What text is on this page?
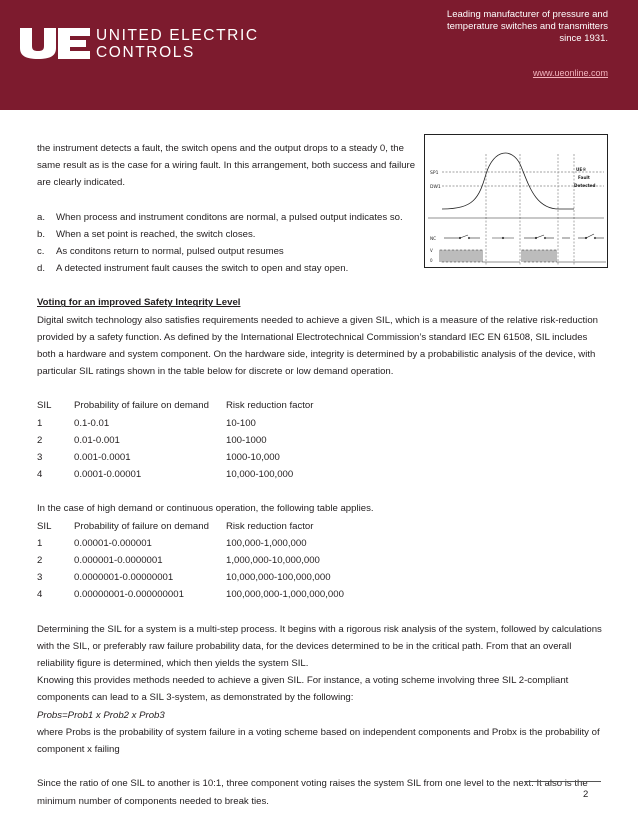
UNITED ELECTRIC
CONTROLS
Leading manufacturer of pressure and temperature switches and transmitters since 1931.
www.ueonline.com
SP1
DW1
UE®
Fault
Detected
NC
V
0

the instrument detects a fault, the switch opens and the output drops to a steady 0, the same result as is the case for a wiring fault. In this arrangement, both success and failure are clearly indicated.

a.	When process and instrument conditons are normal, a pulsed output indicates so.
b.	When a set point is reached, the switch closes.
c.	As conditons return to normal, pulsed output resumes
d.	A detected instrument fault causes the switch to open and stay open.

Voting for an improved Safety Integrity Level

Digital switch technology also satisfies requirements needed to achieve a given SIL, which is a measure of the relative risk-reduction provided by a safety function. As defined by the International Electrotechnical Commission’s standard IEC EN 61508, SIL includes both a hardware and system component. On the hardware side, integrity is determined by a probabilistic analysis of the device, with particular SIL ratings shown in the table below for discrete or low demand operation.

SIL	Probability of failure on demand	Risk reduction factor
1	0.1-0.01	10-100
2	0.01-0.001	100-1000
3	0.001-0.0001	1000-10,000
4	0.0001-0.00001	10,000-100,000

In the case of high demand or continuous operation, the following table applies.

SIL	Probability of failure on demand	Risk reduction factor
1	0.00001-0.000001	100,000-1,000,000
2	0.000001-0.0000001	1,000,000-10,000,000
3	0.0000001-0.00000001	10,000,000-100,000,000
4	0.00000001-0.000000001	100,000,000-1,000,000,000

Determining the SIL for a system is a multi-step process. It begins with a rigorous risk analysis of the system, followed by calculations with the SIL, or preferably raw failure probability data, for the devices determined to be in the critical path. From that an overall reliability figure is determined, which then yields the system SIL.

Knowing this provides methods needed to achieve a given SIL. For instance, a voting scheme involving three SIL 2-compliant components can lead to a SIL 3-system, as demonstrated by the following:

Probs=Prob1 x Prob2 x Prob3

where Probs is the probability of system failure in a voting scheme based on independent components and Probx is the probability of component x failing

Since the ratio of one SIL to another is 10:1, three component voting raises the system SIL from one level to the next. It also is the minimum number of components needed to break ties.

2
